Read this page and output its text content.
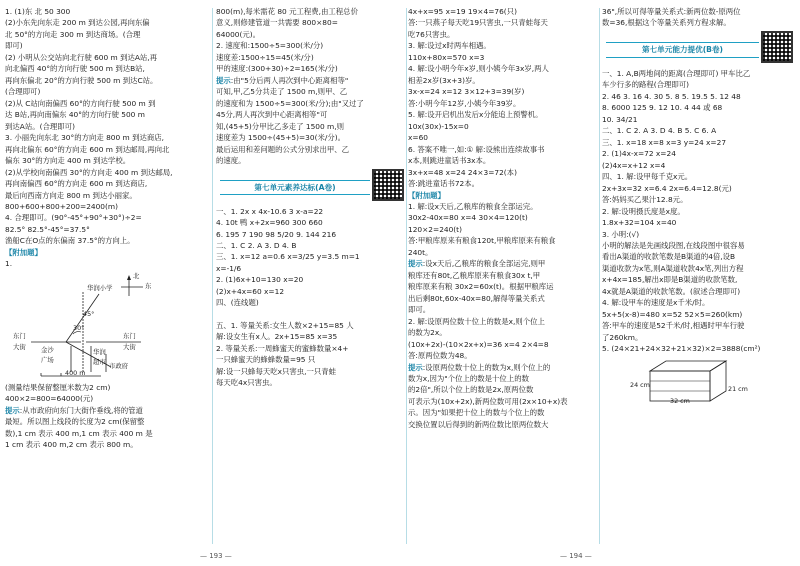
1. (1)东 北 50 300
(2)小东先向东走 200 m 到达公园,再向东偏
北 50°的方向走 300 m 到达商场。(合理
即可)
(2) 小明从公交站向北行驶 600 m 到达A站,再
向北偏西 40°的方向行驶 500 m 到达B站,
再向东偏北 20°的方向行驶 500 m 到达C站。
(合理即可)
(2)从 C站向南偏西 60°的方向行驶 500 m 到
达 B站,再向南偏东 40°的方向行驶 500 m
到达A站。(合理即可)
3. 小丽先向东北 30°的方向走 800 m 到达商店,
再向北偏东 60°的方向走 600 m 到达邮局,再向北
偏东 30°的方向走 400 m 到达学校。
(2)从学校向南偏西 30°的方向走 400 m 到达邮局,
再向南偏西 60°的方向走 600 m 到达商店,
最后向西南方向走 800 m 到达小丽家。
800+600+800+200=2400(m)
4. 合理即可。(90°-45°+90°+30°)÷2=
82.5° 82.5°-45°=37.5°
渔船C在O点的东偏南 37.5°的方向上。
【附加题】
1.
北
东
华润小学
45°
30°
东门
大街 金沙
广场
东门
大街
华润
超市 市政府
400 m
(测量结果保留整厘米数为2 cm)
400×2=800=64000(元)
提示:从市政府向东门大街作垂线,将的管道
最短。所以图上线段的长度为2 cm(保留整
数),1 cm 表示 400 m,1 cm 表示 400 m 是
1 cm 表示 400 m,2 cm 表示 800 m。
800(m),每米需花 80 元工程费,由工程总价
意义,则修建管道一共需要 800×80=
64000(元)。
2. 速度和:1500÷5=300(米/分)
速度差:1500÷15=45(米/分)
甲的速度:(300+30)÷2=165(米/分)
提示:由"5分后两人再次到中心距离相等"
可知,甲,乙5分共走了 1500 m,则甲、乙
的速度和为 1500÷5=300(米/分);由"又过了
45分,两人再次到中心距离相等"可
知,(45+5)分甲比乙多走了 1500 m,则
速度差为 1500÷(45+5)=30(米/分)。
最后运用和差问题的公式分别求出甲、乙
的速度。
第七单元素养达标(A卷)
一、1. 2x x 4x-10.6 3 x-a=22
4. 10t 鸭 x+2x=960 300 660
6. 195 7 190 98 5/20 9. 144 216
二、1. C 2. A 3. D 4. B
三、1. x=12 a=0.6 x=3/25 y=3.5 m=1
x=-1/6
2. (1)6x+10=130 x=20
(2)x+4x=60 x=12
四、(连线题)
五、1. 等量关系:女生人数×2+15=85 人
解:设女生有x人。2x+15=85 x=35
2. 等量关系:一周蜂蜜天的蜜蜂数量×4+
一只蜂蜜天的蜂蜂数量=95 只
解:设一只蜂每天吃x只害虫,一只青蛙
每天吃4x只害虫。
4x+x=95 x=19 19×4=76(只)
答:一只燕子每天吃19只害虫,一只青蛙每天
吃76只害虫。
3. 解:设过x时两车相遇。
110x+80x=570 x=3
4. 解:设小明今年x岁,则小姨今年3x岁,两人
相差2x岁(3x+3)岁。
3x-x=24 x=12 3×12+3=39(岁)
答:小明今年12岁,小姨今年39岁。
5. 解:设开启机出发后x分能追上预警机。
10x(30x)-15x=0
x=60
6. 答案不唯一,如:① 解:设熊出连续故事书
x本,则跳进童话书3x本。
3x+x=48 x=24 24×3=72(本)
答:跳进童话书72本。
【附加题】
1. 解:设x天后,乙粮库的粮食全部运完。
30x2-40x=80 x=4 30×4=120(t)
120×2=240(t)
答:甲粮库原来有粮食120t,甲粮库原来有粮食
240t。
提示:设x天后,乙粮库的粮食全部运完,则甲
粮库还有80t,乙粮库原来有粮食30x t,甲
粮库原来有粮 30x2=60x(t)。根据甲粮库运
出后剩80t,60x-40x=80,解得等量关系式
即可。
2. 解:设原两位数十位上的数是x,则个位上
的数为2x。
(10x+2x)-(10×2x+x)=36 x=4 2×4=8
答:原两位数为48。
提示:设原两位数十位上的数为x,则个位上的
数为x,因为"个位上的数是十位上的数
的2倍",所以个位上的数是2x,原两位数
可表示为(10x+2x),新两位数可用(2x×10+x)表
示。因为"如果把十位上的数与个位上的数
交换位置以后得到的新两位数比原两位数大
36",所以可得等量关系式:新两位数-原两位
数=36,根据这个等量关系列方程求解。
第七单元能力提优(B卷)
一、1. A,B两地间的距离(合理即可) 甲车比乙
车少行多的路程(合理即可)
2. 46 3. 16 4. 30 5. 8 5. 19.5 5. 12 48
8. 6000 125 9. 12 10. 4 44 或 68
10. 34/21
二、1. C 2. A 3. D 4. B 5. C 6. A
三、1. x=18 x=8 x=3 y=24 x=27
2. (1)4x-x=72 x=24
(2)4x=x+12 x=4
四、1. 解:设甲每千克x元。
2x+3x=32 x=6.4 2x=6.4=12.8(元)
答:妈妈买乙果汁12.8元。
2. 解:设明摄氏度是x度。
1.8x+32=104 x=40
3. 小明:(√)
小明的解法是先画线段图,在线段图中很容易
看出A渠道的收款笔数是B渠道的4倍,设B
渠道收款为x笔,则A渠道收款4x笔,列出方程
x+4x=185,解出x即是B渠道的收款笔数,
4x就是A渠道的收款笔数。(叙述合理即可)
4. 解:设甲车的速度是x千米/时。
5x+5(x-8)=480 x=52 52×5=260(km)
答:甲车的速度是52千米/时,相遇时甲车行驶
了260km。
5. (24×21+24×32+21×32)×2=3888(cm²)
24 cm	21 cm
32 cm
— 193 —	— 194 —
